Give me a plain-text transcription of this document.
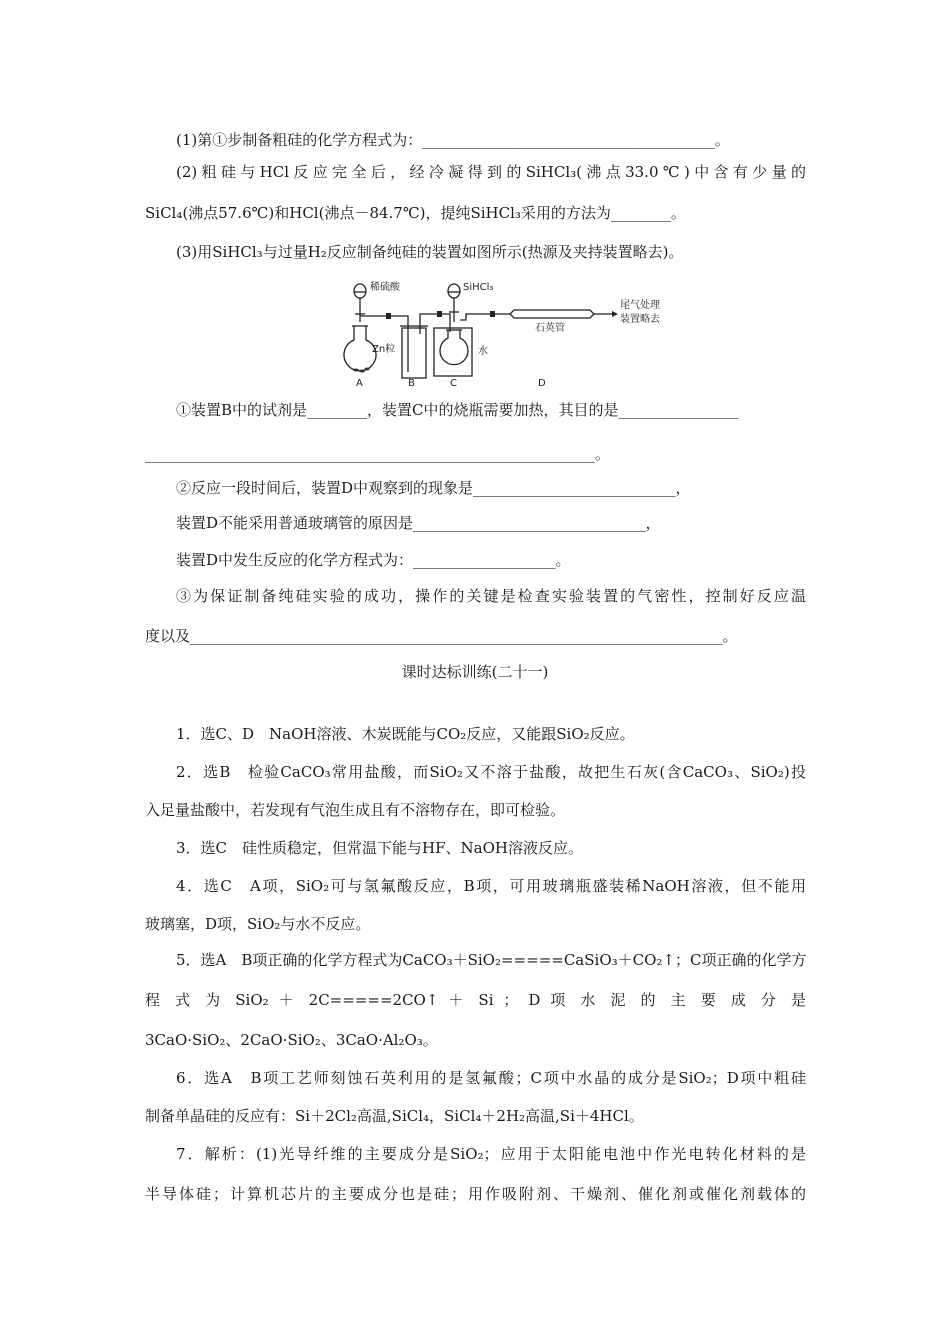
(1)第①步制备粗硅的化学方程式为：_______________________________________。
(2)粗硅与HCl反应完全后，经冷凝得到的SiHCl₃(沸点33.0℃)中含有少量的
SiCl₄(沸点57.6℃)和HCl(沸点－84.7℃)，提纯SiHCl₃采用的方法为________。
(3)用SiHCl₃与过量H₂反应制备纯硅的装置如图所示(热源及夹持装置略去)。
稀硫酸	SiHCl₃
尾气处理
装置略去
石英管
Zn粒	水
A	B	C	D
①装置B中的试剂是________，装置C中的烧瓶需要加热，其目的是________________
____________________________________________________________。
②反应一段时间后，装置D中观察到的现象是___________________________，
装置D不能采用普通玻璃管的原因是_______________________________，
装置D中发生反应的化学方程式为：___________________。
③为保证制备纯硅实验的成功，操作的关键是检查实验装置的气密性，控制好反应温
度以及_______________________________________________________________________。
课时达标训练(二十一)
1．选C、D　NaOH溶液、木炭既能与CO₂反应，又能跟SiO₂反应。
2．选B　检验CaCO₃常用盐酸，而SiO₂又不溶于盐酸，故把生石灰(含CaCO₃、SiO₂)投
入足量盐酸中，若发现有气泡生成且有不溶物存在，即可检验。
3．选C　硅性质稳定，但常温下能与HF、NaOH溶液反应。
4．选C　A项，SiO₂可与氢氟酸反应，B项，可用玻璃瓶盛装稀NaOH溶液，但不能用
玻璃塞，D项，SiO₂与水不反应。
5．选A　B项正确的化学方程式为CaCO₃＋SiO₂=====CaSiO₃＋CO₂↑；C项正确的化学方
程 式 为 SiO₂ ＋ 2C=====2CO↑ ＋ Si ； D 项 水 泥 的 主 要 成 分 是
3CaO·SiO₂、2CaO·SiO₂、3CaO·Al₂O₃。
6．选A　B项工艺师刻蚀石英利用的是氢氟酸；C项中水晶的成分是SiO₂；D项中粗硅
制备单晶硅的反应有：Si＋2Cl₂高温,SiCl₄，SiCl₄＋2H₂高温,Si＋4HCl。
7．解析：(1)光导纤维的主要成分是SiO₂；应用于太阳能电池中作光电转化材料的是
半导体硅；计算机芯片的主要成分也是硅；用作吸附剂、干燥剂、催化剂或催化剂载体的
